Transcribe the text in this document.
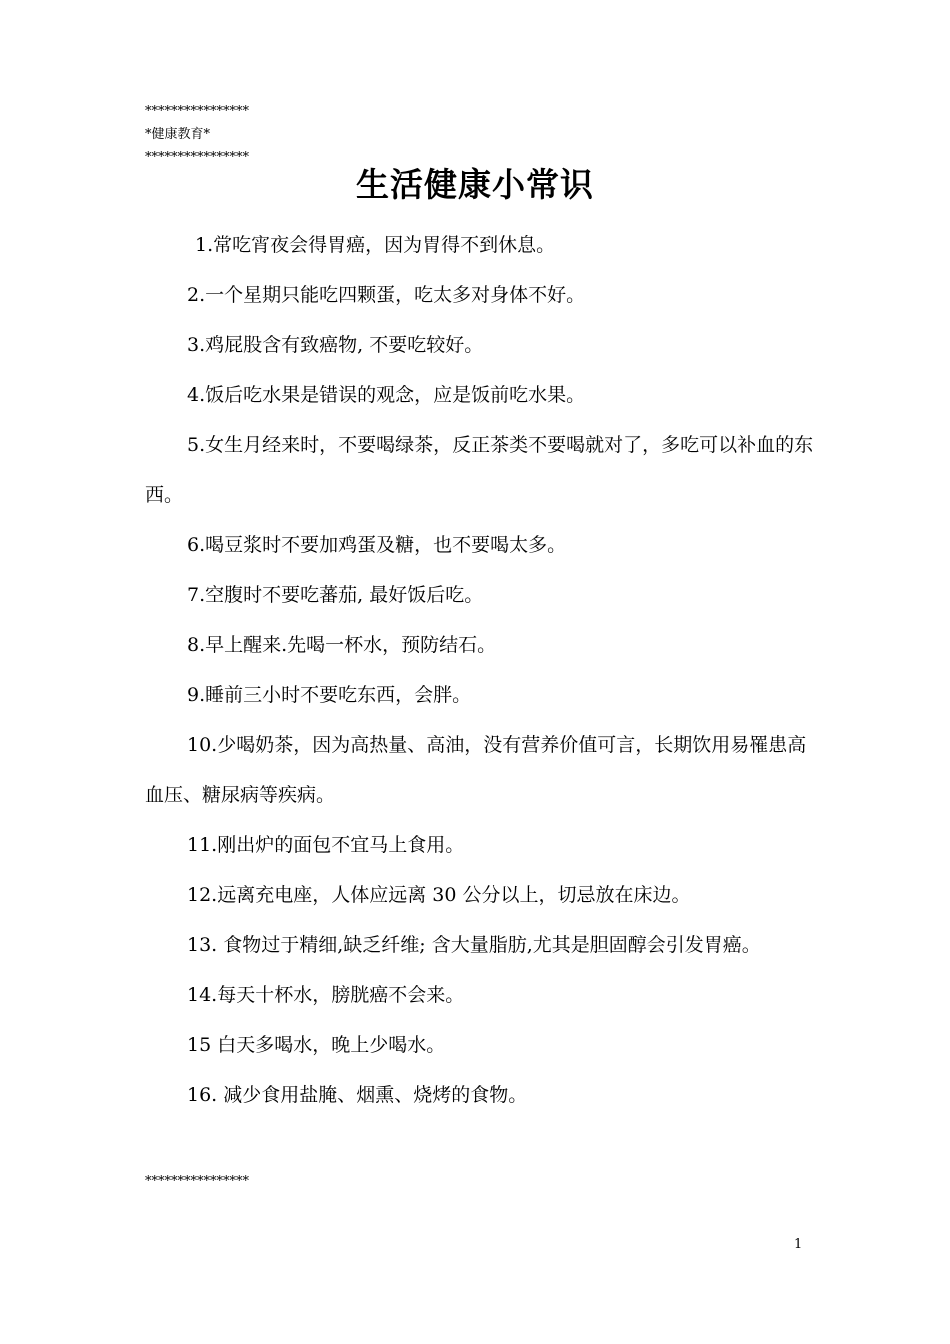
****************
*健康教育*
****************
生活健康小常识

1.常吃宵夜会得胃癌，因为胃得不到休息。

2.一个星期只能吃四颗蛋，吃太多对身体不好。

3.鸡屁股含有致癌物, 不要吃较好。

4.饭后吃水果是错误的观念，应是饭前吃水果。

5.女生月经来时，不要喝绿茶，反正茶类不要喝就对了，多吃可以补血的东西。

6.喝豆浆时不要加鸡蛋及糖，也不要喝太多。

7.空腹时不要吃蕃茄, 最好饭后吃。

8.早上醒来.先喝一杯水，预防结石。

9.睡前三小时不要吃东西，会胖。

10.少喝奶茶，因为高热量、高油，没有营养价值可言，长期饮用易罹患高血压、糖尿病等疾病。

11.刚出炉的面包不宜马上食用。

12.远离充电座，人体应远离 30 公分以上，切忌放在床边。

13. 食物过于精细,缺乏纤维; 含大量脂肪,尤其是胆固醇会引发胃癌。

14.每天十杯水，膀胱癌不会来。

15 白天多喝水，晚上少喝水。

16. 减少食用盐腌、烟熏、烧烤的食物。

****************
1
